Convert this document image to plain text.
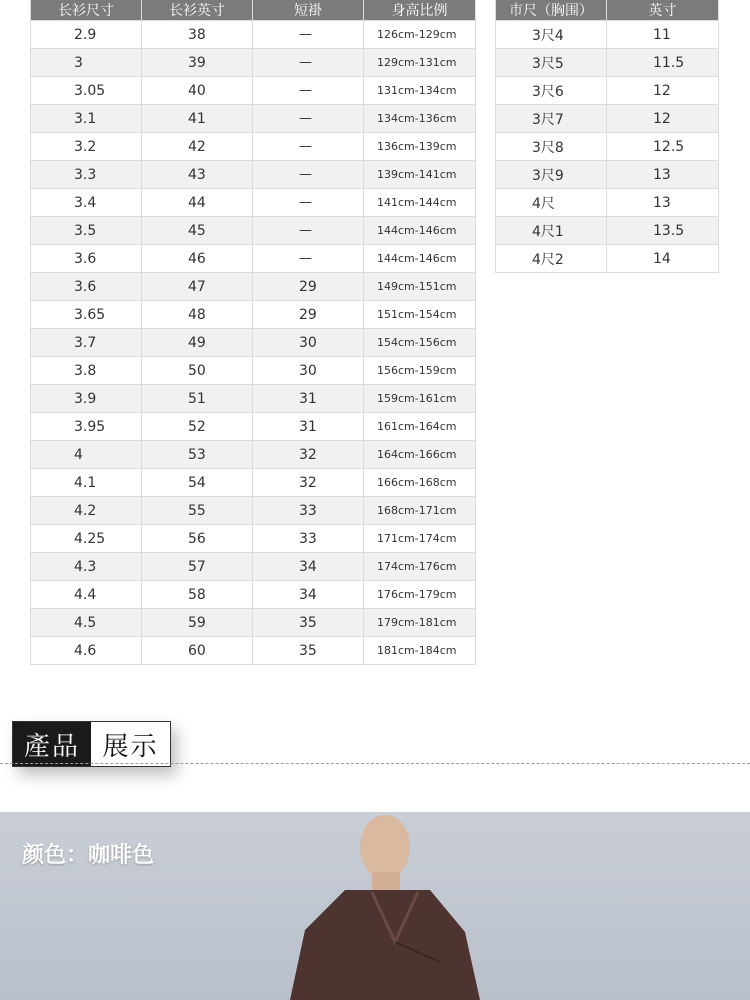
长衫尺寸	长衫英寸	短褂	身高比例
2.9	38	—	126cm-129cm
3	39	—	129cm-131cm
3.05	40	—	131cm-134cm
3.1	41	—	134cm-136cm
3.2	42	—	136cm-139cm
3.3	43	—	139cm-141cm
3.4	44	—	141cm-144cm
3.5	45	—	144cm-146cm
3.6	46	—	144cm-146cm
3.6	47	29	149cm-151cm
3.65	48	29	151cm-154cm
3.7	49	30	154cm-156cm
3.8	50	30	156cm-159cm
3.9	51	31	159cm-161cm
3.95	52	31	161cm-164cm
4	53	32	164cm-166cm
4.1	54	32	166cm-168cm
4.2	55	33	168cm-171cm
4.25	56	33	171cm-174cm
4.3	57	34	174cm-176cm
4.4	58	34	176cm-179cm
4.5	59	35	179cm-181cm
4.6	60	35	181cm-184cm
市尺（胸围）	英寸
3尺4	11
3尺5	11.5
3尺6	12
3尺7	12
3尺8	12.5
3尺9	13
4尺	13
4尺1	13.5
4尺2	14
產品 展示
颜色：咖啡色
